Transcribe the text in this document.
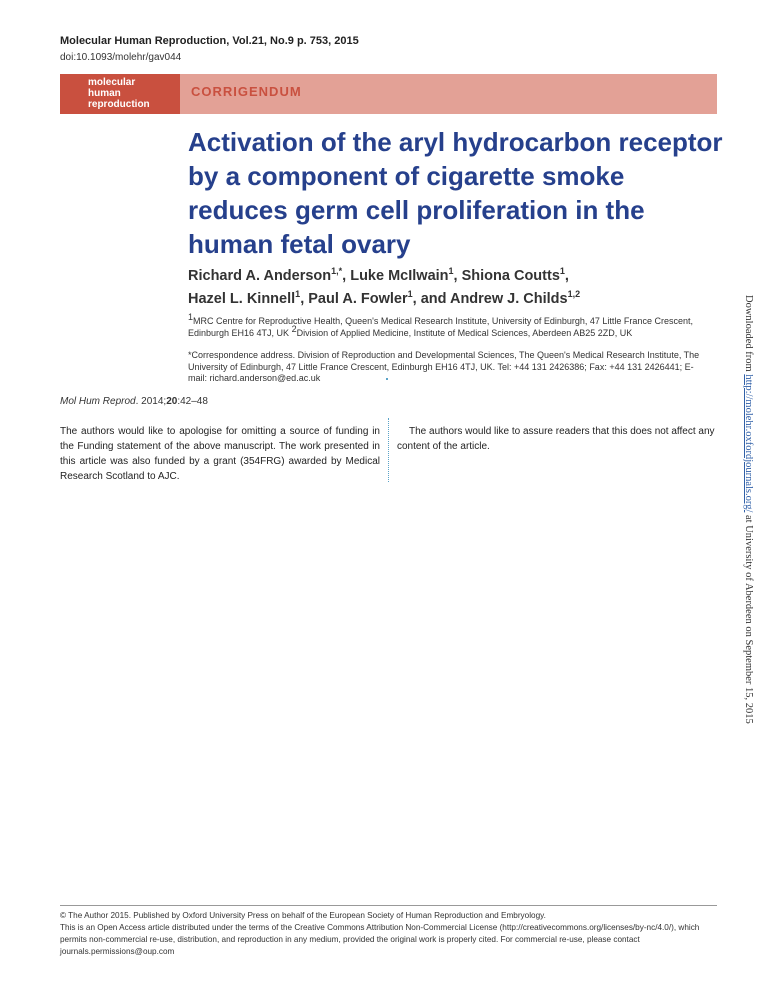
Molecular Human Reproduction, Vol.21, No.9 p. 753, 2015
doi:10.1093/molehr/gav044
molecular
human
reproduction
CORRIGENDUM
Activation of the aryl hydrocarbon receptor by a component of cigarette smoke reduces germ cell proliferation in the human fetal ovary
Richard A. Anderson$^{1,*}$, Luke McIlwain$^1$, Shiona Coutts$^1$,
Hazel L. Kinnell$^1$, Paul A. Fowler$^1$, and Andrew J. Childs$^{1,2}$
$^1$MRC Centre for Reproductive Health, Queen's Medical Research Institute, University of Edinburgh, 47 Little France Crescent, Edinburgh EH16 4TJ, UK $^2$Division of Applied Medicine, Institute of Medical Sciences, Aberdeen AB25 2ZD, UK
*Correspondence address. Division of Reproduction and Developmental Sciences, The Queen's Medical Research Institute, The University of Edinburgh, 47 Little France Crescent, Edinburgh EH16 4TJ, UK. Tel: +44 131 2426386; Fax: +44 131 2426441; E-mail: richard.anderson@ed.ac.uk
Mol Hum Reprod. 2014;20:42–48
The authors would like to apologise for omitting a source of funding in the Funding statement of the above manuscript. The work presented in this article was also funded by a grant (354FRG) awarded by Medical Research Scotland to AJC.
The authors would like to assure readers that this does not affect any content of the article.
Downloaded from http://molehr.oxfordjournals.org/ at University of Aberdeen on September 15, 2015

© The Author 2015. Published by Oxford University Press on behalf of the European Society of Human Reproduction and Embryology.

This is an Open Access article distributed under the terms of the Creative Commons Attribution Non-Commercial License (http://creativecommons.org/licenses/by-nc/4.0/), which permits non-commercial re-use, distribution, and reproduction in any medium, provided the original work is properly cited. For commercial re-use, please contact journals.permissions@oup.com
